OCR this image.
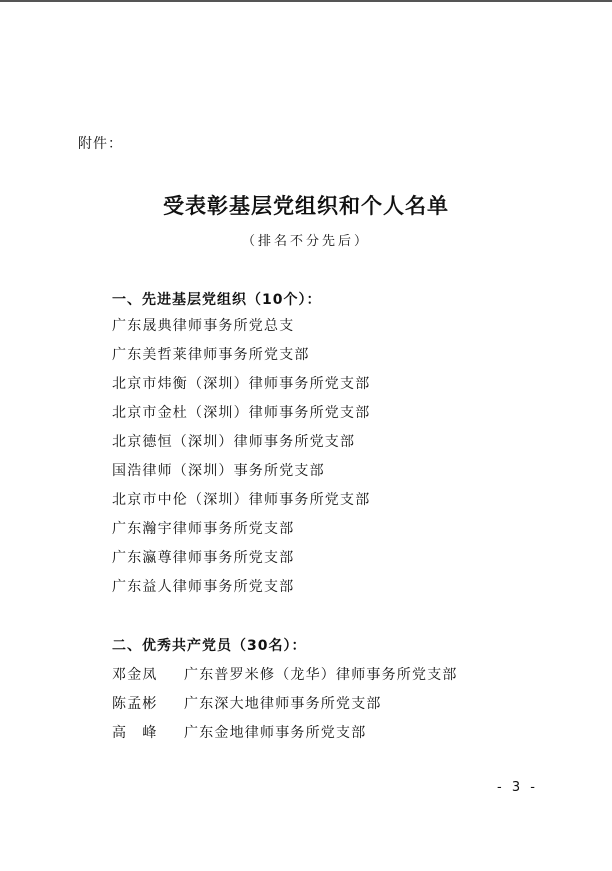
附件：
受表彰基层党组织和个人名单
（排名不分先后）
一、先进基层党组织（10个）：
广东晟典律师事务所党总支
广东美哲莱律师事务所党支部
北京市炜衡（深圳）律师事务所党支部
北京市金杜（深圳）律师事务所党支部
北京德恒（深圳）律师事务所党支部
国浩律师（深圳）事务所党支部
北京市中伦（深圳）律师事务所党支部
广东瀚宇律师事务所党支部
广东瀛尊律师事务所党支部
广东益人律师事务所党支部
二、优秀共产党员（30名）：
邓金凤	广东普罗米修（龙华）律师事务所党支部
陈孟彬	广东深大地律师事务所党支部
高　峰	广东金地律师事务所党支部
- 3 -
